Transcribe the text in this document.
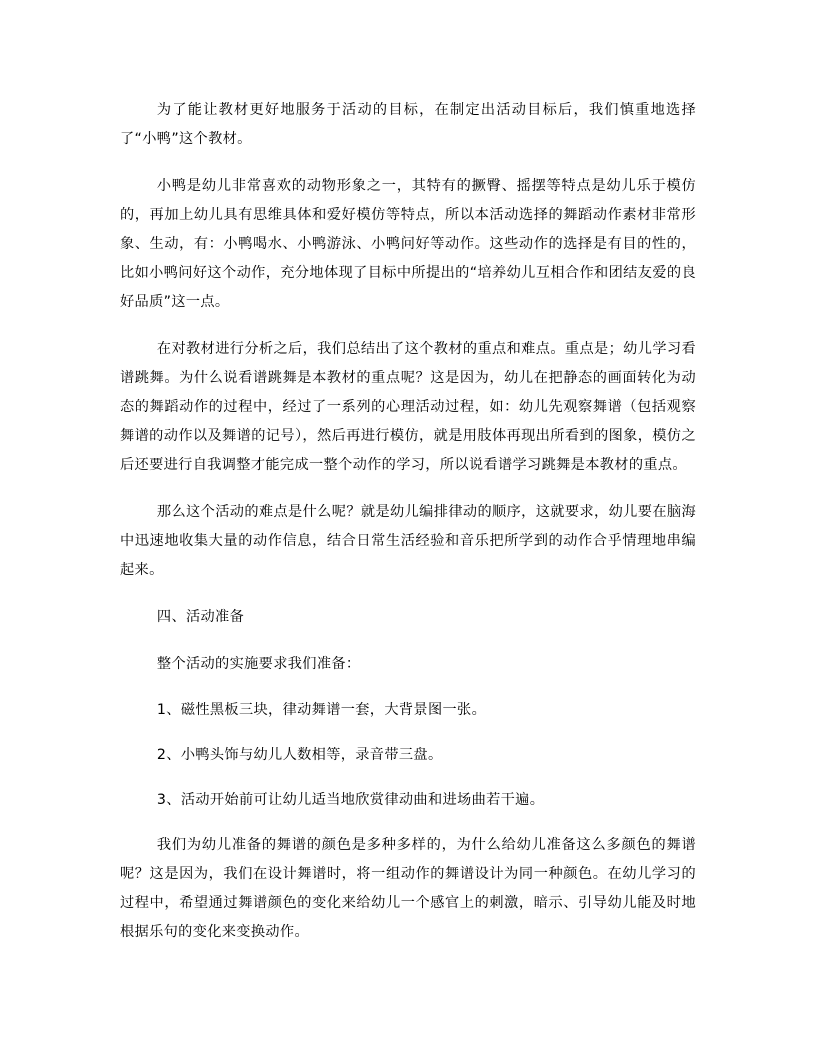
为了能让教材更好地服务于活动的目标，在制定出活动目标后，我们慎重地选择了“小鸭”这个教材。

小鸭是幼儿非常喜欢的动物形象之一，其特有的撅臀、摇摆等特点是幼儿乐于模仿的，再加上幼儿具有思维具体和爱好模仿等特点，所以本活动选择的舞蹈动作素材非常形象、生动，有：小鸭喝水、小鸭游泳、小鸭问好等动作。这些动作的选择是有目的性的，比如小鸭问好这个动作，充分地体现了目标中所提出的“培养幼儿互相合作和团结友爱的良好品质”这一点。

在对教材进行分析之后，我们总结出了这个教材的重点和难点。重点是；幼儿学习看谱跳舞。为什么说看谱跳舞是本教材的重点呢？这是因为，幼儿在把静态的画面转化为动态的舞蹈动作的过程中，经过了一系列的心理活动过程，如：幼儿先观察舞谱（包括观察舞谱的动作以及舞谱的记号），然后再进行模仿，就是用肢体再现出所看到的图象，模仿之后还要进行自我调整才能完成一整个动作的学习，所以说看谱学习跳舞是本教材的重点。

那么这个活动的难点是什么呢？就是幼儿编排律动的顺序，这就要求，幼儿要在脑海中迅速地收集大量的动作信息，结合日常生活经验和音乐把所学到的动作合乎情理地串编起来。

四、活动准备

整个活动的实施要求我们准备：

1、磁性黑板三块，律动舞谱一套，大背景图一张。

2、小鸭头饰与幼儿人数相等，录音带三盘。

3、活动开始前可让幼儿适当地欣赏律动曲和进场曲若干遍。

我们为幼儿准备的舞谱的颜色是多种多样的，为什么给幼儿准备这么多颜色的舞谱呢？这是因为，我们在设计舞谱时，将一组动作的舞谱设计为同一种颜色。在幼儿学习的过程中，希望通过舞谱颜色的变化来给幼儿一个感官上的刺激，暗示、引导幼儿能及时地根据乐句的变化来变换动作。
